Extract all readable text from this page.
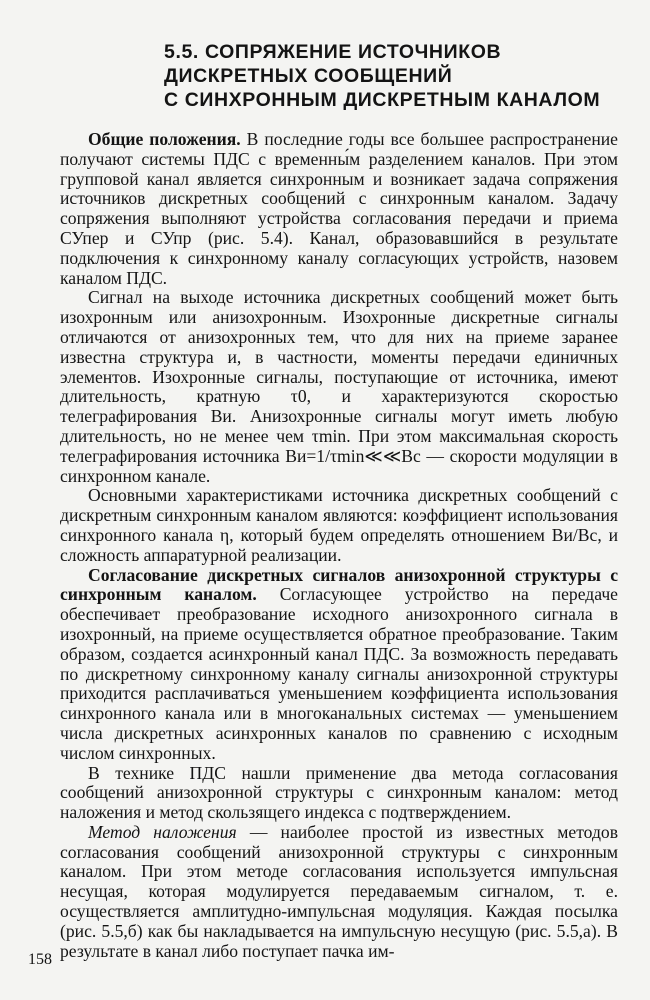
5.5. СОПРЯЖЕНИЕ ИСТОЧНИКОВ
ДИСКРЕТНЫХ СООБЩЕНИЙ
С СИНХРОННЫМ ДИСКРЕТНЫМ КАНАЛОМ

Общие положения. В последние годы все большее распространение получают системы ПДС с временны́м разделением каналов. При этом групповой канал является синхронным и возникает задача сопряжения источников дискретных сообщений с синхронным каналом. Задачу сопряжения выполняют устройства согласования передачи и приема СУпер и СУпр (рис. 5.4). Канал, образовавшийся в результате подключения к синхронному каналу согласующих устройств, назовем каналом ПДС.

Сигнал на выходе источника дискретных сообщений может быть изохронным или анизохронным. Изохронные дискретные сигналы отличаются от анизохронных тем, что для них на приеме заранее известна структура и, в частности, моменты передачи единичных элементов. Изохронные сигналы, поступающие от источника, имеют длительность, кратную τ0, и характеризуются скоростью телеграфирования Bи. Анизохронные сигналы могут иметь любую длительность, но не менее чем τmin. При этом максимальная скорость телеграфирования источника Bи=1/τmin≪≪Bс — скорости модуляции в синхронном канале.

Основными характеристиками источника дискретных сообщений с дискретным синхронным каналом являются: коэффициент использования синхронного канала η, который будем определять отношением Bи/Bс, и сложность аппаратурной реализации.

Согласование дискретных сигналов анизохронной структуры с синхронным каналом. Согласующее устройство на передаче обеспечивает преобразование исходного анизохронного сигнала в изохронный, на приеме осуществляется обратное преобразование. Таким образом, создается асинхронный канал ПДС. За возможность передавать по дискретному синхронному каналу сигналы анизохронной структуры приходится расплачиваться уменьшением коэффициента использования синхронного канала или в многоканальных системах — уменьшением числа дискретных асинхронных каналов по сравнению с исходным числом синхронных.

В технике ПДС нашли применение два метода согласования сообщений анизохронной структуры с синхронным каналом: метод наложения и метод скользящего индекса с подтверждением.

Метод наложения — наиболее простой из известных методов согласования сообщений анизохронной структуры с синхронным каналом. При этом методе согласования используется импульсная несущая, которая модулируется передаваемым сигналом, т. е. осуществляется амплитудно-импульсная модуляция. Каждая посылка (рис. 5.5,б) как бы накладывается на импульсную несущую (рис. 5.5,а). В результате в канал либо поступает пачка им-

158
